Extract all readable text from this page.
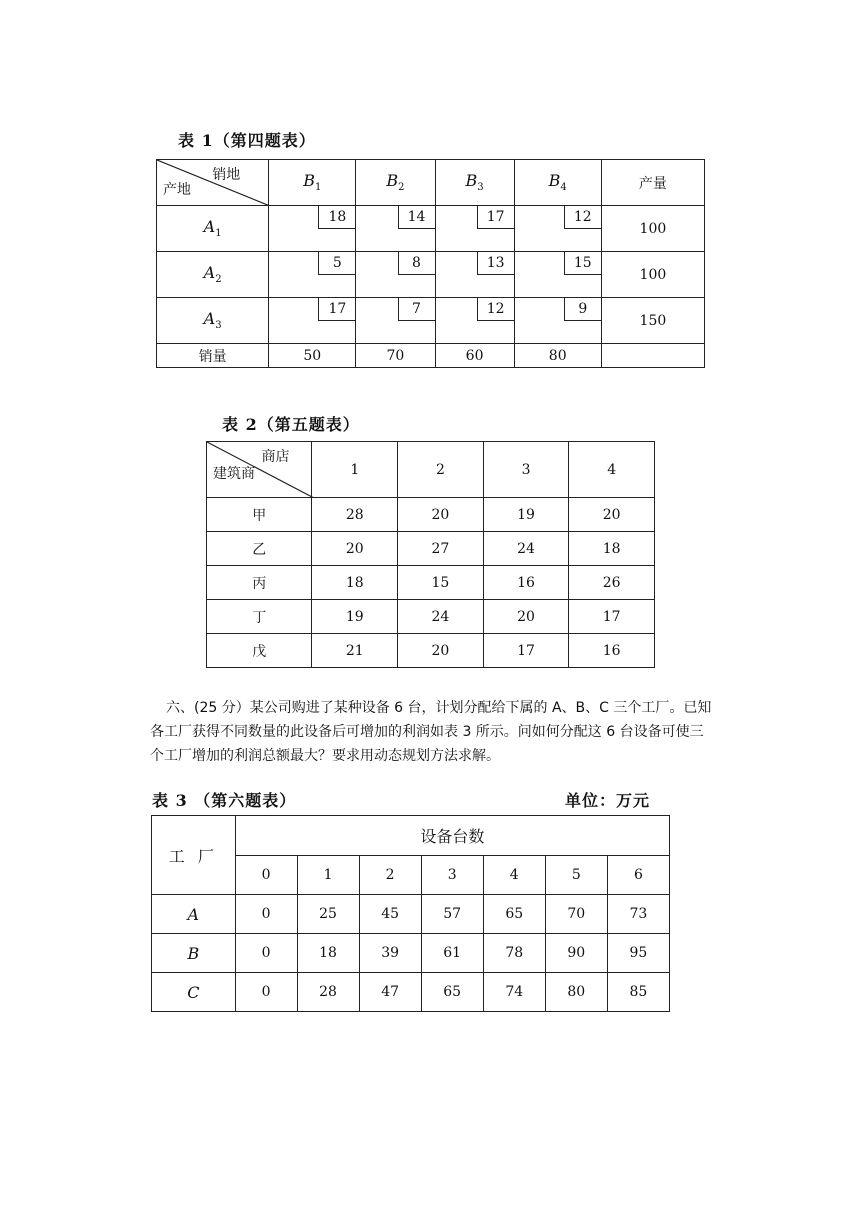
表 1（第四题表）
销地
产地	$B_1$	$B_2$	$B_3$	$B_4$	产量
$A_1$	18	14	17	12	100
$A_2$	5	8	13	15	100
$A_3$	17	7	12	9	150
销量	50	70	60	80	
表 2（第五题表）
商店
建筑商	1	2	3	4
甲	28	20	19	20
乙	20	27	24	18
丙	18	15	16	26
丁	19	24	20	17
戊	21	20	17	16
六、(25 分）某公司购进了某种设备 6 台，计划分配给下属的 A、B、C 三个工厂。已知
各工厂获得不同数量的此设备后可增加的利润如表 3 所示。问如何分配这 6 台设备可使三
个工厂增加的利润总额最大？要求用动态规划方法求解。
表 3 （第六题表）	单位：万元
工 厂	设备台数						
	0	1	2	3	4	5	6
A	0	25	45	57	65	70	73
B	0	18	39	61	78	90	95
C	0	28	47	65	74	80	85
